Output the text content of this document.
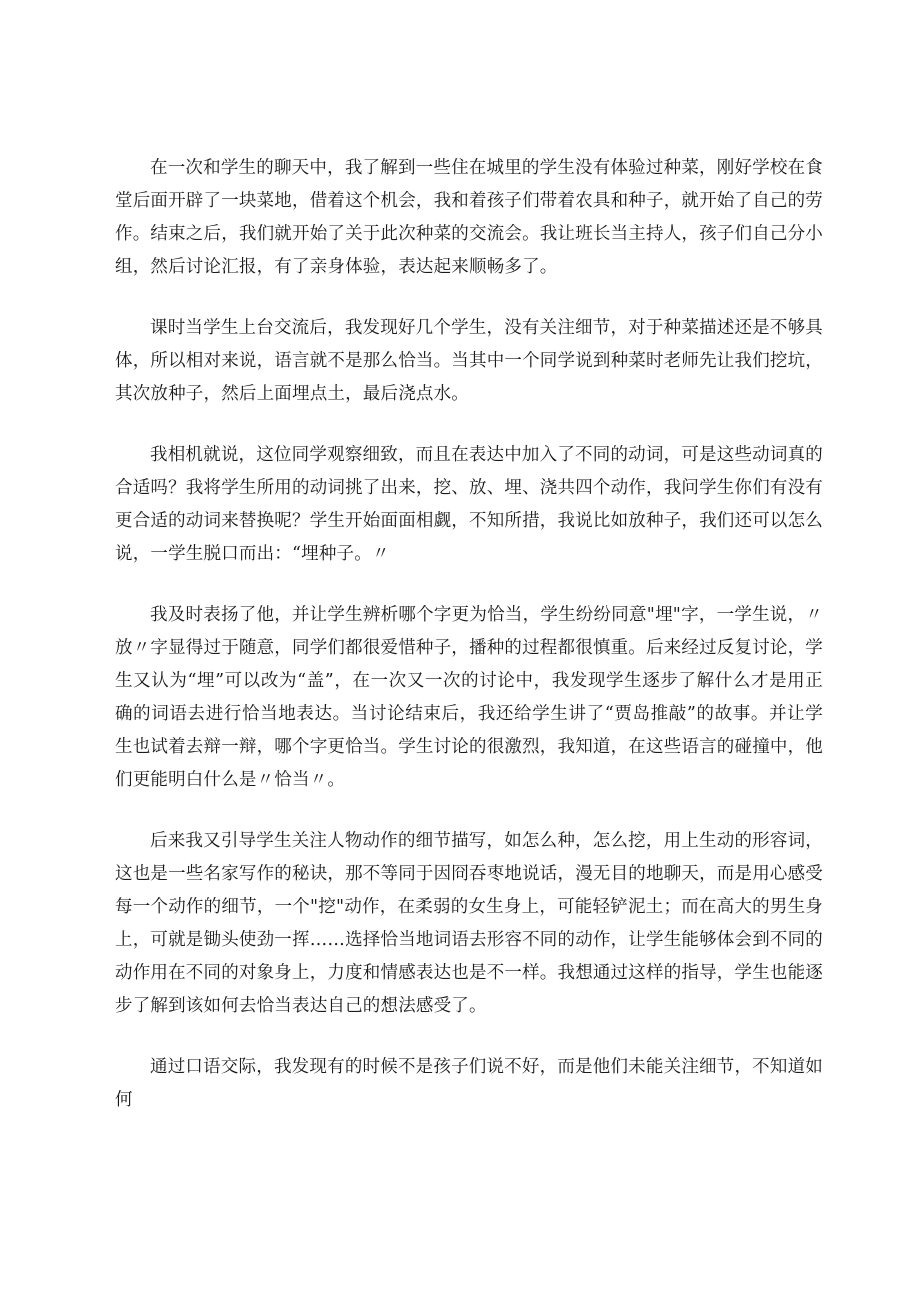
在一次和学生的聊天中，我了解到一些住在城里的学生没有体验过种菜，刚好学校在食堂后面开辟了一块菜地，借着这个机会，我和着孩子们带着农具和种子，就开始了自己的劳作。结束之后，我们就开始了关于此次种菜的交流会。我让班长当主持人，孩子们自己分小组，然后讨论汇报，有了亲身体验，表达起来顺畅多了。

课时当学生上台交流后，我发现好几个学生，没有关注细节，对于种菜描述还是不够具体，所以相对来说，语言就不是那么恰当。当其中一个同学说到种菜时老师先让我们挖坑，其次放种子，然后上面埋点土，最后浇点水。

我相机就说，这位同学观察细致，而且在表达中加入了不同的动词，可是这些动词真的合适吗？我将学生所用的动词挑了出来，挖、放、埋、浇共四个动作，我问学生你们有没有更合适的动词来替换呢？学生开始面面相觑，不知所措，我说比如放种子，我们还可以怎么说，一学生脱口而出：“埋种子。〃

我及时表扬了他，并让学生辨析哪个字更为恰当，学生纷纷同意"埋"字，一学生说，〃放〃字显得过于随意，同学们都很爱惜种子，播种的过程都很慎重。后来经过反复讨论，学生又认为“埋”可以改为“盖”，在一次又一次的讨论中，我发现学生逐步了解什么才是用正确的词语去进行恰当地表达。当讨论结束后，我还给学生讲了“贾岛推敲”的故事。并让学生也试着去辩一辩，哪个字更恰当。学生讨论的很激烈，我知道，在这些语言的碰撞中，他们更能明白什么是〃恰当〃。

后来我又引导学生关注人物动作的细节描写，如怎么种，怎么挖，用上生动的形容词，这也是一些名家写作的秘诀，那不等同于因冏吞枣地说话，漫无目的地聊天，而是用心感受每一个动作的细节，一个"挖"动作，在柔弱的女生身上，可能轻铲泥土；而在高大的男生身上，可就是锄头使劲一挥……选择恰当地词语去形容不同的动作，让学生能够体会到不同的动作用在不同的对象身上，力度和情感表达也是不一样。我想通过这样的指导，学生也能逐步了解到该如何去恰当表达自己的想法感受了。

通过口语交际，我发现有的时候不是孩子们说不好，而是他们未能关注细节，不知道如何
